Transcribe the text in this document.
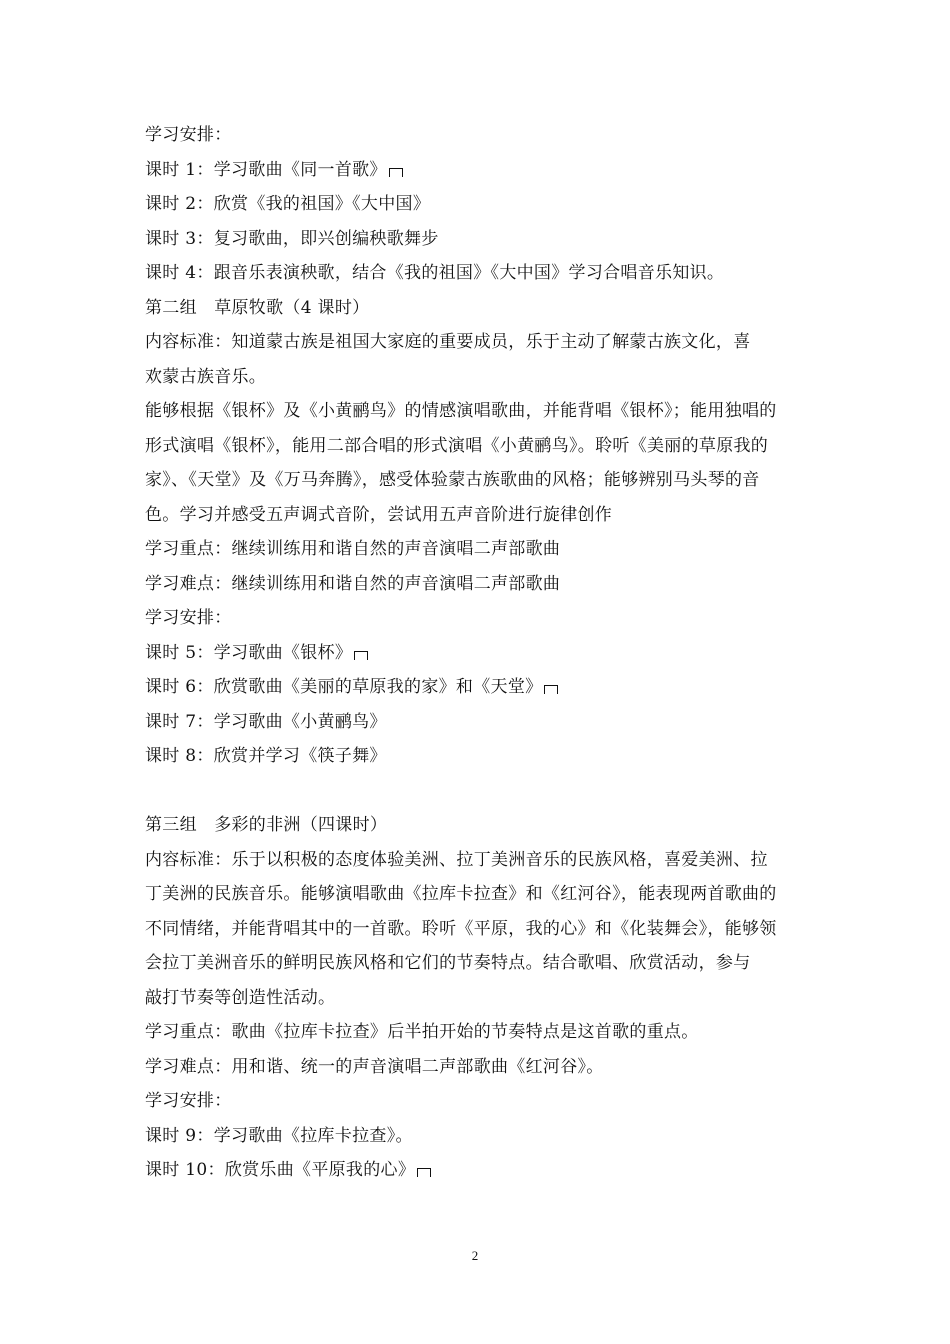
学习安排：
课时 1：学习歌曲《同一首歌》
课时 2：欣赏《我的祖国》《大中国》
课时 3：复习歌曲，即兴创编秧歌舞步
课时 4：跟音乐表演秧歌，结合《我的祖国》《大中国》学习合唱音乐知识。
第二组　草原牧歌（4 课时）
内容标准：知道蒙古族是祖国大家庭的重要成员，乐于主动了解蒙古族文化，喜
欢蒙古族音乐。
能够根据《银杯》及《小黄鹂鸟》的情感演唱歌曲，并能背唱《银杯》；能用独唱的
形式演唱《银杯》，能用二部合唱的形式演唱《小黄鹂鸟》。聆听《美丽的草原我的
家》、《天堂》及《万马奔腾》，感受体验蒙古族歌曲的风格；能够辨别马头琴的音
色。学习并感受五声调式音阶，尝试用五声音阶进行旋律创作
学习重点：继续训练用和谐自然的声音演唱二声部歌曲
学习难点：继续训练用和谐自然的声音演唱二声部歌曲
学习安排：
课时 5：学习歌曲《银杯》
课时 6：欣赏歌曲《美丽的草原我的家》和《天堂》
课时 7：学习歌曲《小黄鹂鸟》
课时 8：欣赏并学习《筷子舞》
第三组　多彩的非洲（四课时）
内容标准：乐于以积极的态度体验美洲、拉丁美洲音乐的民族风格，喜爱美洲、拉
丁美洲的民族音乐。能够演唱歌曲《拉库卡拉查》和《红河谷》，能表现两首歌曲的
不同情绪，并能背唱其中的一首歌。聆听《平原，我的心》和《化装舞会》，能够领
会拉丁美洲音乐的鲜明民族风格和它们的节奏特点。结合歌唱、欣赏活动，参与
敲打节奏等创造性活动。
学习重点：歌曲《拉库卡拉查》后半拍开始的节奏特点是这首歌的重点。
学习难点：用和谐、统一的声音演唱二声部歌曲《红河谷》。
学习安排：
课时 9：学习歌曲《拉库卡拉查》。
课时 10：欣赏乐曲《平原我的心》
2
